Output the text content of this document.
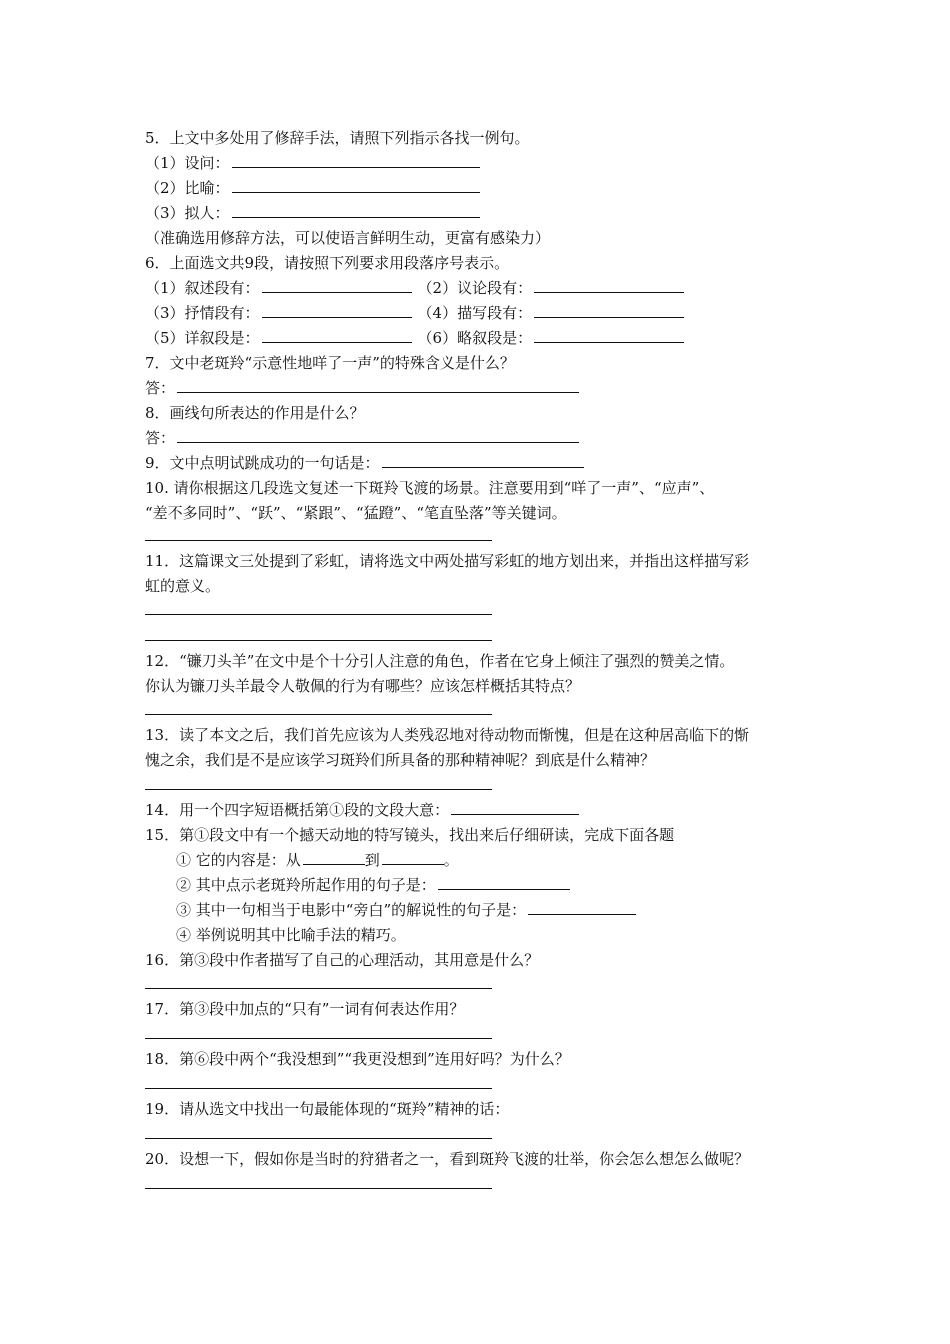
5．上文中多处用了修辞手法，请照下列指示各找一例句。
（1）设问：
（2）比喻：
（3）拟人：
（准确选用修辞方法，可以使语言鲜明生动，更富有感染力）
6．上面选文共9段，请按照下列要求用段落序号表示。
（1）叙述段有：	（2）议论段有：
（3）抒情段有：	（4）描写段有：
（5）详叙段是：	（6）略叙段是：
7．文中老斑羚“示意性地咩了一声”的特殊含义是什么？
答：
8．画线句所表达的作用是什么？
答：
9．文中点明试跳成功的一句话是：
10. 请你根据这几段选文复述一下斑羚飞渡的场景。注意要用到“咩了一声”、“应声”、
“差不多同时”、“跃”、“紧跟”、“猛蹬”、“笔直坠落”等关键词。
11．这篇课文三处提到了彩虹，请将选文中两处描写彩虹的地方划出来，并指出这样描写彩
虹的意义。
12．“镰刀头羊”在文中是个十分引人注意的角色，作者在它身上倾注了强烈的赞美之情。
你认为镰刀头羊最令人敬佩的行为有哪些？应该怎样概括其特点？
13．读了本文之后，我们首先应该为人类残忍地对待动物而惭愧，但是在这种居高临下的惭
愧之余，我们是不是应该学习斑羚们所具备的那种精神呢？到底是什么精神？
14．用一个四字短语概括第①段的文段大意：
15．第①段文中有一个撼天动地的特写镜头，找出来后仔细研读，完成下面各题
① 它的内容是：从	到	。
② 其中点示老斑羚所起作用的句子是：
③ 其中一句相当于电影中“旁白”的解说性的句子是：
④ 举例说明其中比喻手法的精巧。
16．第③段中作者描写了自己的心理活动，其用意是什么？
17．第③段中加点的“只有”一词有何表达作用？
18．第⑥段中两个“我没想到”“我更没想到”连用好吗？为什么？
19．请从选文中找出一句最能体现的“斑羚”精神的话：
20．设想一下，假如你是当时的狩猎者之一，看到斑羚飞渡的壮举，你会怎么想怎么做呢？
